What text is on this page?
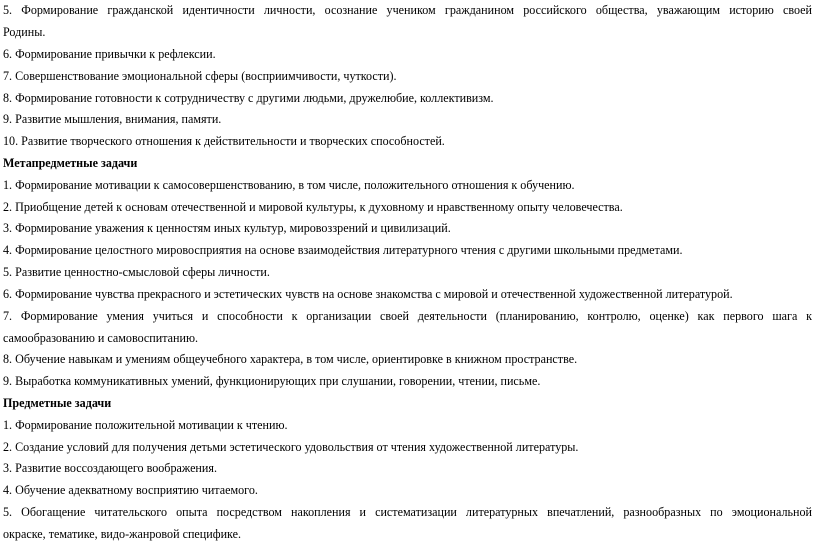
5. Формирование гражданской идентичности личности, осознание учеником гражданином российского общества, уважающим историю своей
Родины.
6. Формирование привычки к рефлексии.
7. Совершенствование эмоциональной сферы (восприимчивости, чуткости).
8. Формирование готовности к сотрудничеству с другими людьми, дружелюбие, коллективизм.
9. Развитие мышления, внимания, памяти.
10. Развитие творческого отношения к действительности и творческих способностей.
Метапредметные задачи
1. Формирование мотивации к самосовершенствованию, в том числе, положительного отношения к обучению.
2. Приобщение детей к основам отечественной и мировой культуры, к духовному и нравственному опыту человечества.
3. Формирование уважения к ценностям иных культур, мировоззрений и цивилизаций.
4. Формирование целостного мировосприятия на основе взаимодействия литературного чтения с другими школьными предметами.
5. Развитие ценностно-смысловой сферы личности.
6. Формирование чувства прекрасного и эстетических чувств на основе знакомства с мировой и отечественной художественной литературой.
7. Формирование умения учиться и способности к организации своей деятельности (планированию, контролю, оценке) как первого шага к
самообразованию и самовоспитанию.
8. Обучение навыкам и умениям общеучебного характера, в том числе, ориентировке в книжном пространстве.
9. Выработка коммуникативных умений, функционирующих при слушании, говорении, чтении, письме.
Предметные задачи
1. Формирование положительной мотивации к чтению.
2. Создание условий для получения детьми эстетического удовольствия от чтения художественной литературы.
3. Развитие воссоздающего воображения.
4. Обучение адекватному восприятию читаемого.
5. Обогащение читательского опыта посредством накопления и систематизации литературных впечатлений, разнообразных по эмоциональной
окраске, тематике, видо-жанровой специфике.
